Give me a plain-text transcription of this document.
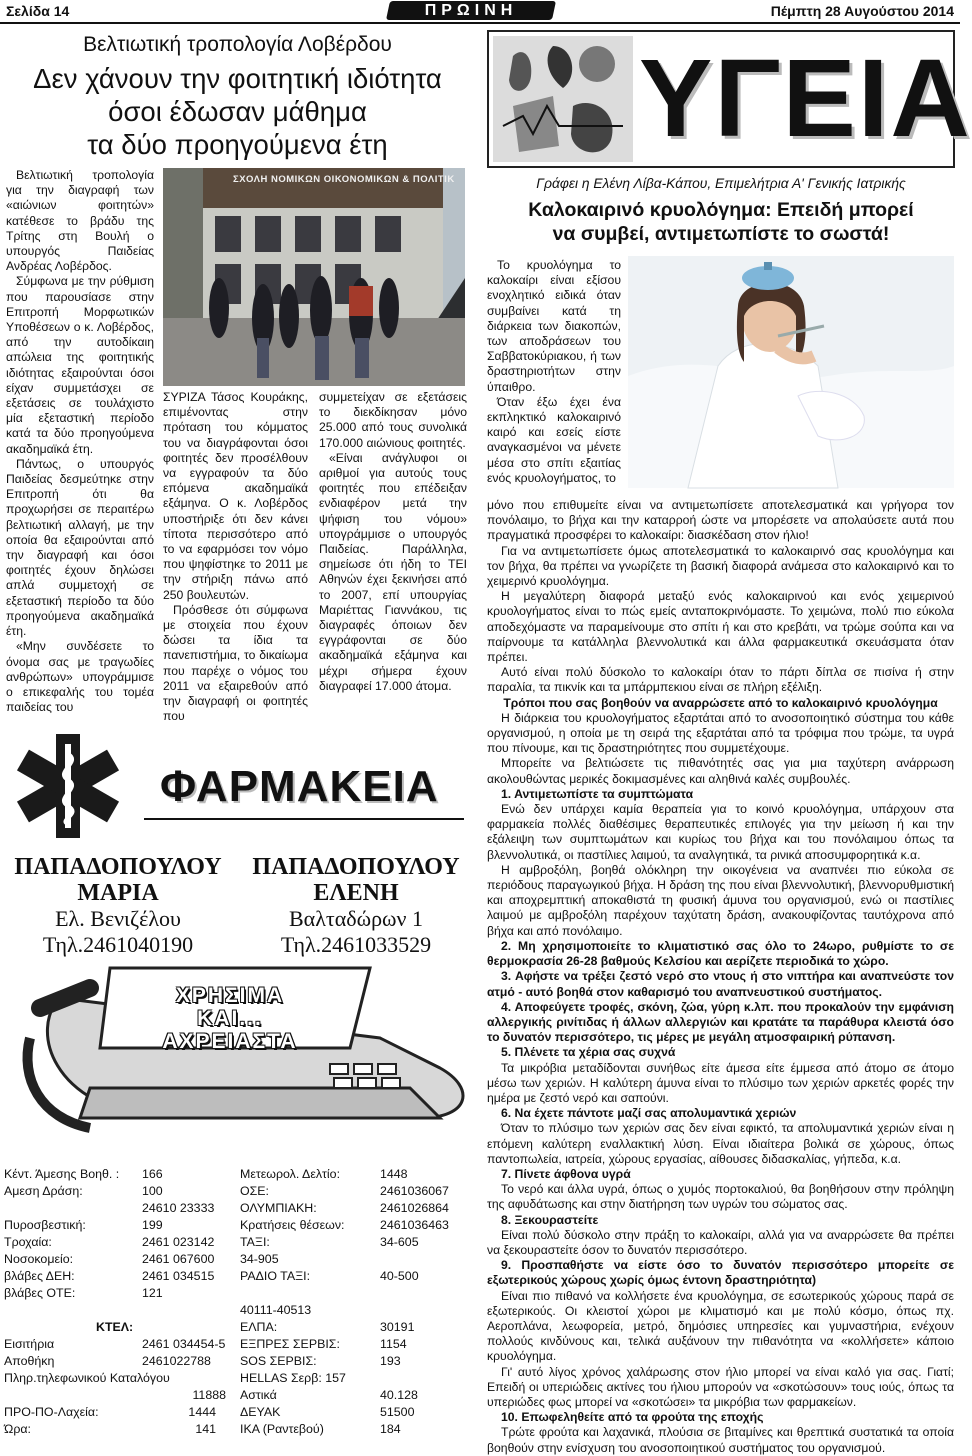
Σελίδα 14	ΠΡΩΙΝΗ	Πέμπτη 28 Αυγούστου 2014
Βελτιωτική τροπολογία Λοβέρδου
Δεν χάνουν την φοιτητική ιδιότητα
όσοι έδωσαν μάθημα
τα δύο προηγούμενα έτη

Βελτιωτική τροπολογία για την διαγραφή των «αιώνιων φοιτητών» κατέθεσε το βράδυ της Τρίτης στη Βουλή ο υπουργός Παιδείας Ανδρέας Λοβέρδος.

Σύμφωνα με την ρύθμιση που παρουσίασε στην Επιτροπή Μορφωτικών Υποθέσεων ο κ. Λοβέρδος, από την αυτοδίκαιη απώλεια της φοιτητικής ιδιότητας εξαιρούνται όσοι είχαν συμμετάσχει σε εξετάσεις σε τουλάχιστο μία εξεταστική περίοδο κατά τα δύο προηγούμενα ακαδημαϊκά έτη.

Πάντως, ο υπουργός Παιδείας δεσμεύτηκε στην Επιτροπή ότι θα προχωρήσει σε περαιτέρω βελτιωτική αλλαγή, με την οποία θα εξαιρούνται από την διαγραφή και όσοι φοιτητές έχουν δηλώσει απλά συμμετοχή σε εξεταστική περίοδο τα δύο προηγούμενα ακαδημαϊκά έτη.

«Μην συνδέσετε το όνομα σας με τραγωδίες ανθρώπων» υπογράμμισε ο επικεφαλής του τομέα παιδείας του

ΣΧΟΛΗ ΝΟΜΙΚΩΝ ΟΙΚΟΝΟΜΙΚΩΝ & ΠΟΛΙΤΙΚ

ΣΥΡΙΖΑ Τάσος Κουράκης, επιμένοντας στην πρόταση του κόμματος του να διαγράφονται όσοι φοιτητές δεν προσέλθουν να εγγραφούν τα δύο επόμενα ακαδημαϊκά εξάμηνα. Ο κ. Λοβέρδος υποστήριξε ότι δεν κάνει τίποτα περισσότερο από το να εφαρμόσει τον νόμο που ψηφίστηκε το 2011 με την στήριξη πάνω από 250 βουλευτών.

Πρόσθεσε ότι σύμφωνα με στοιχεία που έχουν δώσει τα ίδια τα πανεπιστήμια, το δικαίωμα που παρέχε ο νόμος του 2011 να εξαιρεθούν από την διαγραφή οι φοιτητές που

συμμετείχαν σε εξετάσεις το διεκδίκησαν μόνο 25.000 από τους συνολικά 170.000 αιώνιους φοιτητές.

«Είναι ανάγλυφοι οι αριθμοί για αυτούς τους φοιτητές που επέδειξαν ενδιαφέρον μετά την ψήφιση του νόμου» υπογράμμισε ο υπουργός Παιδείας. Παράλληλα, σημείωσε ότι ήδη το ΤΕΙ Αθηνών έχει ξεκινήσει από το 2007, επί υπουργίας Μαριέττας Γιαννάκου, τις διαγραφές όποιων δεν εγγράφονται σε δύο ακαδημαϊκά εξάμηνα και μέχρι σήμερα έχουν διαγραφεί 17.000 άτομα.

ΦΑΡΜΑΚΕΙΑ
ΠΑΠΑΔΟΠΟΥΛΟΥ
ΜΑΡΙΑ
Ελ. Βενιζέλου
Τηλ.2461040190
ΠΑΠΑΔΟΠΟΥΛΟΥ
ΕΛΕΝΗ
Βαλταδώρων 1
Τηλ.2461033529
ΧΡΗΣΙΜΑ
ΚΑΙ...
ΑΧΡΕΙΑΣΤΑ
Κέντ. Άμεσης Βοηθ. :	166
Αμεση Δράση:	100
24610 23333
Πυροσβεστική:	199
Τροχαία:	2461 023142
Νοσοκομείο:	2461 067600
βλάβες ΔΕΗ:	2461 034515
βλάβες ΟΤΕ:	121
ΚΤΕΛ:
Εισιτήρια	2461 034454-5
Αποθήκη	2461022788
Πληρ.τηλεφωνικού Καταλόγου
11888
ΠΡΟ-ΠΟ-Λαχεία:	1444
Ώρα:	141
Μετεωρολ. Δελτίο:	1448
ΟΣΕ:	2461036067
ΟΛΥΜΠΙΑΚΗ:	2461026864
Κρατήσεις θέσεων:	2461036463
ΤΑΞΙ:	34-605
34-905
ΡΑΔΙΟ ΤΑΞΙ:	40-500
40111-40513
ΕΛΠΑ:	30191
ΕΞΠΡΕΣ ΣΕΡΒΙΣ:	1154
SOS ΣΕΡΒΙΣ:	193
HELLAS Σερβ: 157
Αστικά	40.128
ΔΕΥΑΚ	51500
ΙΚΑ (Ραντεβού)	184
ΥΓΕΙΑ
Γράφει η Ελένη Λίβα-Κάπου, Επιμελήτρια Α' Γενικής Ιατρικής
Καλοκαιρινό κρυολόγημα: Επειδή μπορεί
να συμβεί, αντιμετωπίστε το σωστά!

Το κρυολόγημα το καλοκαίρι είναι εξίσου ενοχλητικό ειδικά όταν συμβαίνει κατά τη διάρκεια των διακοπών, των αποδράσεων του Σαββατοκύριακου, ή των δραστηριοτήτων στην ύπαιθρο.

Όταν έξω έχει ένα εκπληκτικό καλοκαιρινό καιρό και εσείς είστε αναγκασμένοι να μένετε μέσα στο σπίτι εξαιτίας ενός κρυολογήματος, το

μόνο που επιθυμείτε είναι να αντιμετωπίσετε αποτελεσματικά και γρήγορα τον πονόλαιμο, το βήχα και την καταρροή ώστε να μπορέσετε να απολαύσετε αυτά που πραγματικά προσφέρει το καλοκαίρι: διασκέδαση στον ήλιο!

Για να αντιμετωπίσετε όμως αποτελεσματικά το καλοκαιρινό σας κρυολόγημα και τον βήχα, θα πρέπει να γνωρίζετε τη βασική διαφορά ανάμεσα στο καλοκαιρινό και το χειμερινό κρυολόγημα.

Η μεγαλύτερη διαφορά μεταξύ ενός καλοκαιρινού και ενός χειμερινού κρυολογήματος είναι το πώς εμείς ανταποκρινόμαστε. Το χειμώνα, πολύ πιο εύκολα αποδεχόμαστε να παραμείνουμε στο σπίτι ή και στο κρεβάτι, να τρώμε σούπα και να παίρνουμε τα κατάλληλα βλεννολυτικά και άλλα φαρμακευτικά σκευάσματα όταν πρέπει.

Αυτό είναι πολύ δύσκολο το καλοκαίρι όταν το πάρτι δίπλα σε πισίνα ή στην παραλία, τα πικνίκ και τα μπάρμπεκιου είναι σε πλήρη εξέλιξη.

Τρόποι που σας βοηθούν να αναρρώσετε από το καλοκαιρινό κρυολόγημα

Η διάρκεια του κρυολογήματος εξαρτάται από το ανοσοποιητικό σύστημα του κάθε οργανισμού, η οποία με τη σειρά της εξαρτάται από τα τρόφιμα που τρώμε, τα υγρά που πίνουμε, και τις δραστηριότητες που συμμετέχουμε.

Μπορείτε να βελτιώσετε τις πιθανότητές σας για μια ταχύτερη ανάρρωση ακολουθώντας μερικές δοκιμασμένες και αληθινά καλές συμβουλές.

1. Αντιμετωπίστε τα συμπτώματα

Ενώ δεν υπάρχει καμία θεραπεία για το κοινό κρυολόγημα, υπάρχουν στα φαρμακεία πολλές διαθέσιμες θεραπευτικές επιλογές για την μείωση ή και την εξάλειψη των συμπτωμάτων και κυρίως του βήχα και του πονόλαιμου όπως τα βλεννολυτικά, οι παστίλιες λαιμού, τα αναλγητικά, τα ρινικά αποσυμφορητικά κ.α.

Η αμβροξόλη, βοηθά ολόκληρη την οικογένεια να αναπνέει πιο εύκολα σε περιόδους παραγωγικού βήχα. Η δράση της που είναι βλεννολυτική, βλεννορυθμιστική και αποχρεμπτική αποκαθιστά τη φυσική άμυνα του οργανισμού, ενώ οι παστίλιες λαιμού με αμβροξόλη παρέχουν ταχύτατη δράση, ανακουφίζοντας ταυτόχρονα από βήχα και από πονόλαιμο.

2. Μη χρησιμοποιείτε το κλιματιστικό σας όλο το 24ωρο, ρυθμίστε το σε θερμοκρασία 26-28 βαθμούς Κελσίου και αερίζετε περιοδικά το χώρο.

3. Αφήστε να τρέξει ζεστό νερό στο ντους ή στο νιπτήρα και αναπνεύστε τον ατμό - αυτό βοηθά στον καθαρισμό του αναπνευστικού συστήματος.

4. Αποφεύγετε τροφές, σκόνη, ζώα, γύρη κ.λπ. που προκαλούν την εμφάνιση αλλεργικής ρινίτιδας ή άλλων αλλεργιών και κρατάτε τα παράθυρα κλειστά όσο το δυνατόν περισσότερο, τις μέρες με μεγάλη ατμοσφαιρική ρύπανση.

5. Πλένετε τα χέρια σας συχνά

Τα μικρόβια μεταδίδονται συνήθως είτε άμεσα είτε έμμεσα από άτομο σε άτομο μέσω των χεριών. Η καλύτερη άμυνα είναι το πλύσιμο των χεριών αρκετές φορές την ημέρα με ζεστό νερό και σαπούνι.

6. Να έχετε πάντοτε μαζί σας απολυμαντικά χεριών

Όταν το πλύσιμο των χεριών σας δεν είναι εφικτό, τα απολυμαντικά χεριών είναι η επόμενη καλύτερη εναλλακτική λύση. Είναι ιδιαίτερα βολικά σε χώρους, όπως παντοπωλεία, ιατρεία, χώρους εργασίας, αίθουσες διδασκαλίας, γήπεδα, κ.α.

7. Πίνετε άφθονα υγρά

Το νερό και άλλα υγρά, όπως ο χυμός πορτοκαλιού, θα βοηθήσουν στην πρόληψη της αφυδάτωσης και στην διατήρηση των υγρών του σώματος σας.

8. Ξεκουραστείτε

Είναι πολύ δύσκολο στην πράξη το καλοκαίρι, αλλά για να αναρρώσετε θα πρέπει να ξεκουραστείτε όσον το δυνατόν περισσότερο.

9. Προσπαθήστε να είστε όσο το δυνατόν περισσότερο μπορείτε σε εξωτερικούς χώρους χωρίς όμως έντονη δραστηριότητα)

Είναι πιο πιθανό να κολλήσετε ένα κρυολόγημα, σε εσωτερικούς χώρους παρά σε εξωτερικούς. Οι κλειστοί χώροι με κλιματισμό και με πολύ κόσμο, όπως πχ. Αεροπλάνα, λεωφορεία, μετρό, δημόσιες υπηρεσίες και γυμναστήρια, ενέχουν πολλούς κινδύνους και, τελικά αυξάνουν την πιθανότητα να «κολλήσετε» κάποιο κρυολόγημα.

Γι' αυτό λίγος χρόνος χαλάρωσης στον ήλιο μπορεί να είναι καλό για σας. Γιατί; Επειδή οι υπεριώδεις ακτίνες του ήλιου μπορούν να «σκοτώσουν» τους ιούς, όπως τα υπεριώδες φως μπορεί να «σκοτώσει» τα μικρόβια των φαρμακείων.

10. Επωφεληθείτε από τα φρούτα της εποχής

Τρώτε φρούτα και λαχανικά, πλούσια σε βιταμίνες και θρεπτικά συστατικά τα οποία βοηθούν στην ενίσχυση του ανοσοποιητικού συστήματος του οργανισμού.
